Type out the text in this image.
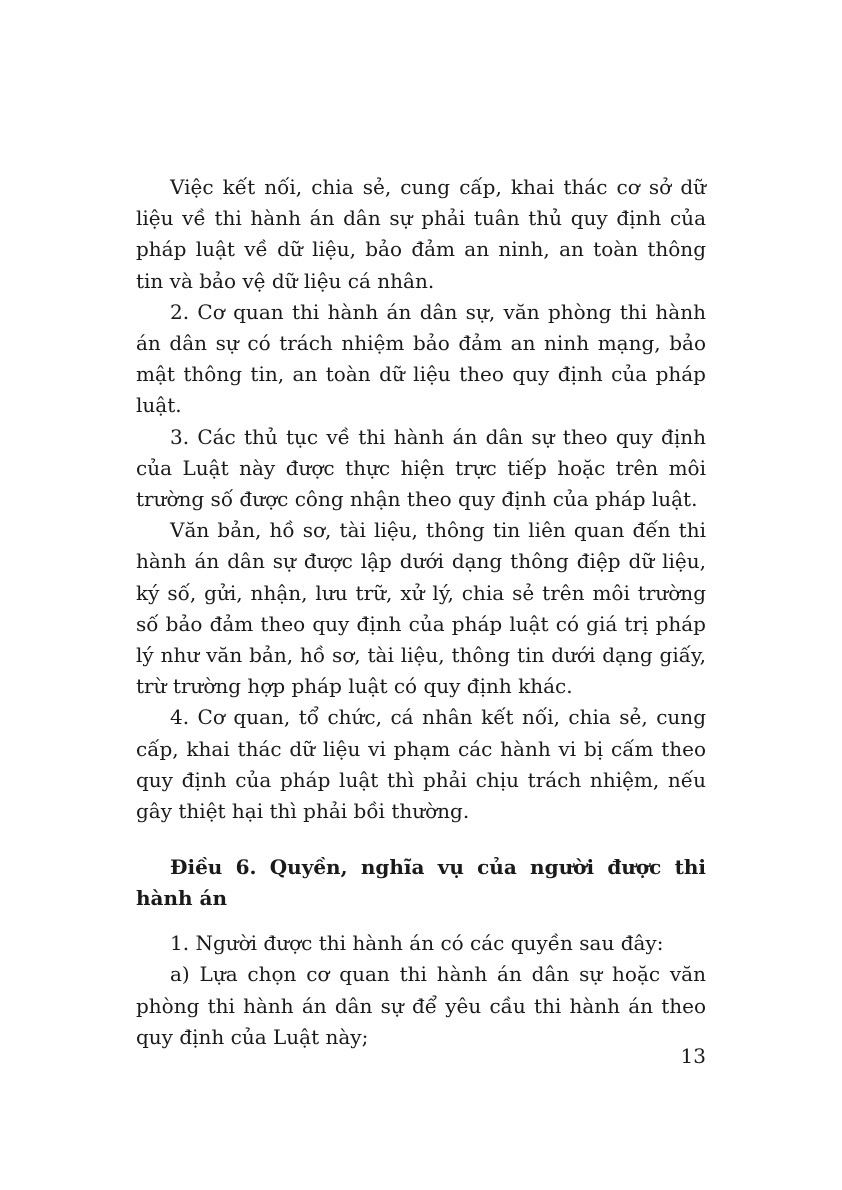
Việc kết nối, chia sẻ, cung cấp, khai thác cơ sở dữ liệu về thi hành án dân sự phải tuân thủ quy định của pháp luật về dữ liệu, bảo đảm an ninh, an toàn thông tin và bảo vệ dữ liệu cá nhân.

2. Cơ quan thi hành án dân sự, văn phòng thi hành án dân sự có trách nhiệm bảo đảm an ninh mạng, bảo mật thông tin, an toàn dữ liệu theo quy định của pháp luật.

3. Các thủ tục về thi hành án dân sự theo quy định của Luật này được thực hiện trực tiếp hoặc trên môi trường số được công nhận theo quy định của pháp luật.

Văn bản, hồ sơ, tài liệu, thông tin liên quan đến thi hành án dân sự được lập dưới dạng thông điệp dữ liệu, ký số, gửi, nhận, lưu trữ, xử lý, chia sẻ trên môi trường số bảo đảm theo quy định của pháp luật có giá trị pháp lý như văn bản, hồ sơ, tài liệu, thông tin dưới dạng giấy, trừ trường hợp pháp luật có quy định khác.

4. Cơ quan, tổ chức, cá nhân kết nối, chia sẻ, cung cấp, khai thác dữ liệu vi phạm các hành vi bị cấm theo quy định của pháp luật thì phải chịu trách nhiệm, nếu gây thiệt hại thì phải bồi thường.

Điều 6. Quyền, nghĩa vụ của người được thi hành án

1. Người được thi hành án có các quyền sau đây:

a) Lựa chọn cơ quan thi hành án dân sự hoặc văn phòng thi hành án dân sự để yêu cầu thi hành án theo quy định của Luật này;

13
